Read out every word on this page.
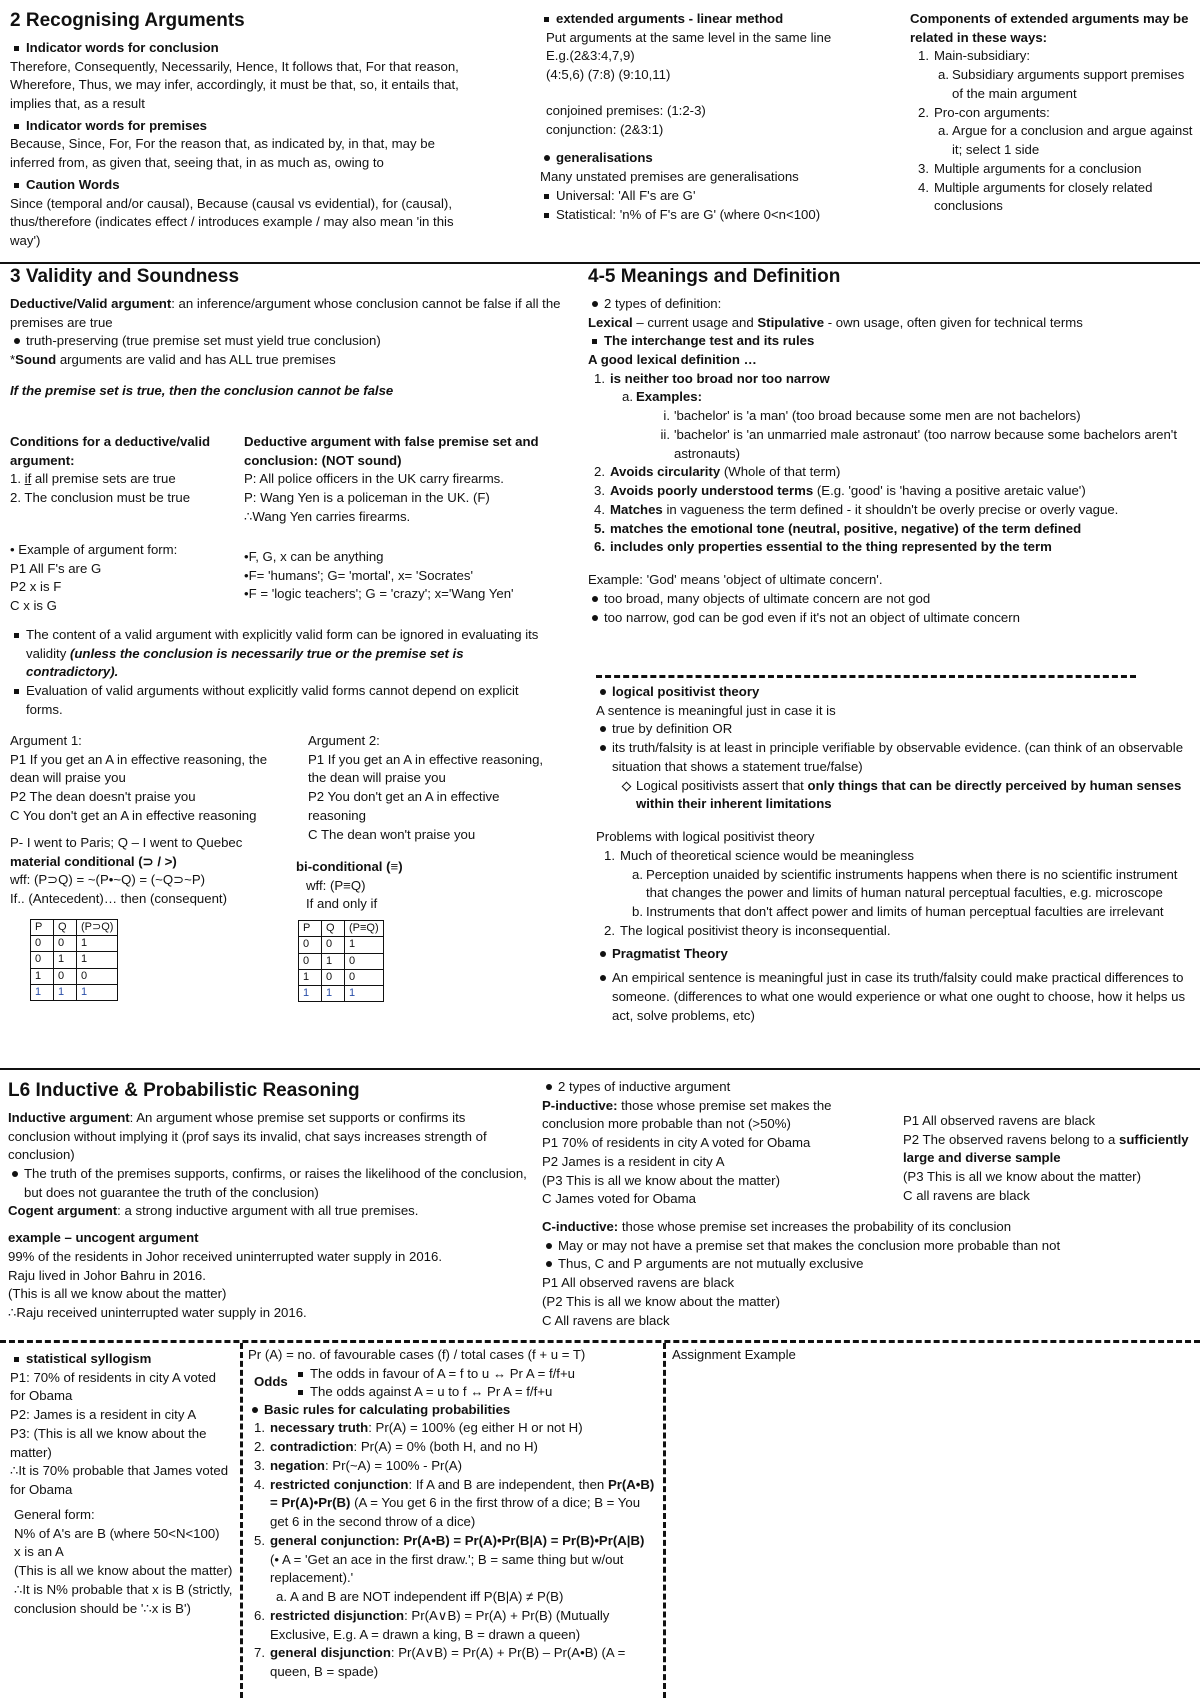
2 Recognising Arguments
Indicator words for conclusion
Therefore, Consequently, Necessarily, Hence, It follows that, For that reason, Wherefore, Thus, we may infer, accordingly, it must be that, so, it entails that, implies that, as a result
Indicator words for premises
Because, Since, For, For the reason that, as indicated by, in that, may be inferred from, as given that, seeing that, in as much as, owing to
Caution Words
Since (temporal and/or causal), Because (causal vs evidential), for (causal), thus/therefore (indicates effect / introduces example / may also mean 'in this way')
extended arguments - linear method
Put arguments at the same level in the same line
E.g.(2&3:4,7,9)
(4:5,6) (7:8) (9:10,11)
conjoined premises: (1:2-3)
conjunction: (2&3:1)
generalisations
Many unstated premises are generalisations
Universal: 'All F's are G'
Statistical: 'n% of F's are G' (where 0<n<100)
Components of extended arguments may be related in these ways:
Main-subsidiary:
Subsidiary arguments support premises of the main argument
Pro-con arguments:
Argue for a conclusion and argue against it; select 1 side
Multiple arguments for a conclusion
Multiple arguments for closely related conclusions
3 Validity and Soundness
Deductive/Valid argument: an inference/argument whose conclusion cannot be false if all the premises are true
truth-preserving (true premise set must yield true conclusion)
*Sound arguments are valid and has ALL true premises
If the premise set is true, then the conclusion cannot be false
Conditions for a deductive/valid argument:
1. if all premise sets are true
2. The conclusion must be true
Deductive argument with false premise set and conclusion: (NOT sound)
P: All police officers in the UK carry firearms.
P: Wang Yen is a policeman in the UK. (F)
∴Wang Yen carries firearms.
• Example of argument form:
P1 All F's are G
P2 x is F
C x is G
•F, G, x can be anything
•F= 'humans'; G= 'mortal', x= 'Socrates'
•F = 'logic teachers'; G = 'crazy'; x='Wang Yen'
The content of a valid argument with explicitly valid form can be ignored in evaluating its validity (unless the conclusion is necessarily true or the premise set is contradictory).
Evaluation of valid arguments without explicitly valid forms cannot depend on explicit forms.
Argument 1:
P1 If you get an A in effective reasoning, the dean will praise you
P2 The dean doesn't praise you
C You don't get an A in effective reasoning
Argument 2:
P1 If you get an A in effective reasoning, the dean will praise you
P2 You don't get an A in effective reasoning
C The dean won't praise you
P- I went to Paris; Q – I went to Quebec
material conditional (⊃ / >)
wff: (P⊃Q) = ~(P•~Q) = (~Q⊃~P)
If.. (Antecedent)… then (consequent)
P	Q	(P⊃Q)
0	0	1
0	1	1
1	0	0
1	1	1
bi-conditional (≡)
wff: (P≡Q)
If and only if
P	Q	(P≡Q)
0	0	1
0	1	0
1	0	0
1	1	1
4-5 Meanings and Definition
2 types of definition:
Lexical – current usage and Stipulative - own usage, often given for technical terms
The interchange test and its rules
A good lexical definition …
is neither too broad nor too narrow
Examples:
'bachelor' is 'a man' (too broad because some men are not bachelors)
'bachelor' is 'an unmarried male astronaut' (too narrow because some bachelors aren't astronauts)
Avoids circularity (Whole of that term)
Avoids poorly understood terms (E.g. 'good' is 'having a positive aretaic value')
Matches in vagueness the term defined - it shouldn't be overly precise or overly vague.
matches the emotional tone (neutral, positive, negative) of the term defined
includes only properties essential to the thing represented by the term
Example: 'God' means 'object of ultimate concern'.
too broad, many objects of ultimate concern are not god
too narrow, god can be god even if it's not an object of ultimate concern
logical positivist theory
A sentence is meaningful just in case it is
true by definition OR
its truth/falsity is at least in principle verifiable by observable evidence. (can think of an observable situation that shows a statement true/false)
Logical positivists assert that only things that can be directly perceived by human senses within their inherent limitations
Problems with logical positivist theory
Much of theoretical science would be meaningless
Perception unaided by scientific instruments happens when there is no scientific instrument that changes the power and limits of human natural perceptual faculties, e.g. microscope
Instruments that don't affect power and limits of human perceptual faculties are irrelevant
The logical positivist theory is inconsequential.
Pragmatist Theory
An empirical sentence is meaningful just in case its truth/falsity could make practical differences to someone. (differences to what one would experience or what one ought to choose, how it helps us act, solve problems, etc)
L6 Inductive & Probabilistic Reasoning
Inductive argument: An argument whose premise set supports or confirms its conclusion without implying it (prof says its invalid, chat says increases strength of conclusion)
The truth of the premises supports, confirms, or raises the likelihood of the conclusion, but does not guarantee the truth of the conclusion)
Cogent argument: a strong inductive argument with all true premises.
example – uncogent argument
99% of the residents in Johor received uninterrupted water supply in 2016.
Raju lived in Johor Bahru in 2016.
(This is all we know about the matter)
∴Raju received uninterrupted water supply in 2016.
2 types of inductive argument
P-inductive: those whose premise set makes the conclusion more probable than not (>50%)
P1 70% of residents in city A voted for Obama
P2 James is a resident in city A
(P3 This is all we know about the matter)
C James voted for Obama
P1 All observed ravens are black
P2 The observed ravens belong to a sufficiently large and diverse sample
(P3 This is all we know about the matter)
C all ravens are black
C-inductive: those whose premise set increases the probability of its conclusion
May or may not have a premise set that makes the conclusion more probable than not
Thus, C and P arguments are not mutually exclusive
P1 All observed ravens are black
(P2 This is all we know about the matter)
C All ravens are black
statistical syllogism
P1: 70% of residents in city A voted for Obama
P2: James is a resident in city A
P3: (This is all we know about the matter)
∴It is 70% probable that James voted for Obama
General form:
N% of A's are B (where 50<N<100)
x is an A
(This is all we know about the matter)
∴It is N% probable that x is B (strictly, conclusion should be '∴x is B')
Pr (A) = no. of favourable cases (f) / total cases (f + u = T)
Odds
The odds in favour of A = f to u ↔ Pr A = f/f+u
The odds against A = u to f ↔ Pr A = f/f+u
Basic rules for calculating probabilities
necessary truth: Pr(A) = 100% (eg either H or not H)
contradiction: Pr(A) = 0% (both H, and no H)
negation: Pr(~A) = 100% - Pr(A)
restricted conjunction: If A and B are independent, then Pr(A•B) = Pr(A)•Pr(B) (A = You get 6 in the first throw of a dice; B = You get 6 in the second throw of a dice)
general conjunction: Pr(A•B) = Pr(A)•Pr(B|A) = Pr(B)•Pr(A|B) (• A = 'Get an ace in the first draw.'; B = same thing but w/out replacement).'
A and B are NOT independent iff P(B|A) ≠ P(B)
restricted disjunction: Pr(A∨B) = Pr(A) + Pr(B) (Mutually Exclusive, E.g. A = drawn a king, B = drawn a queen)
general disjunction: Pr(A∨B) = Pr(A) + Pr(B) – Pr(A•B) (A = queen, B = spade)
Assignment Example
